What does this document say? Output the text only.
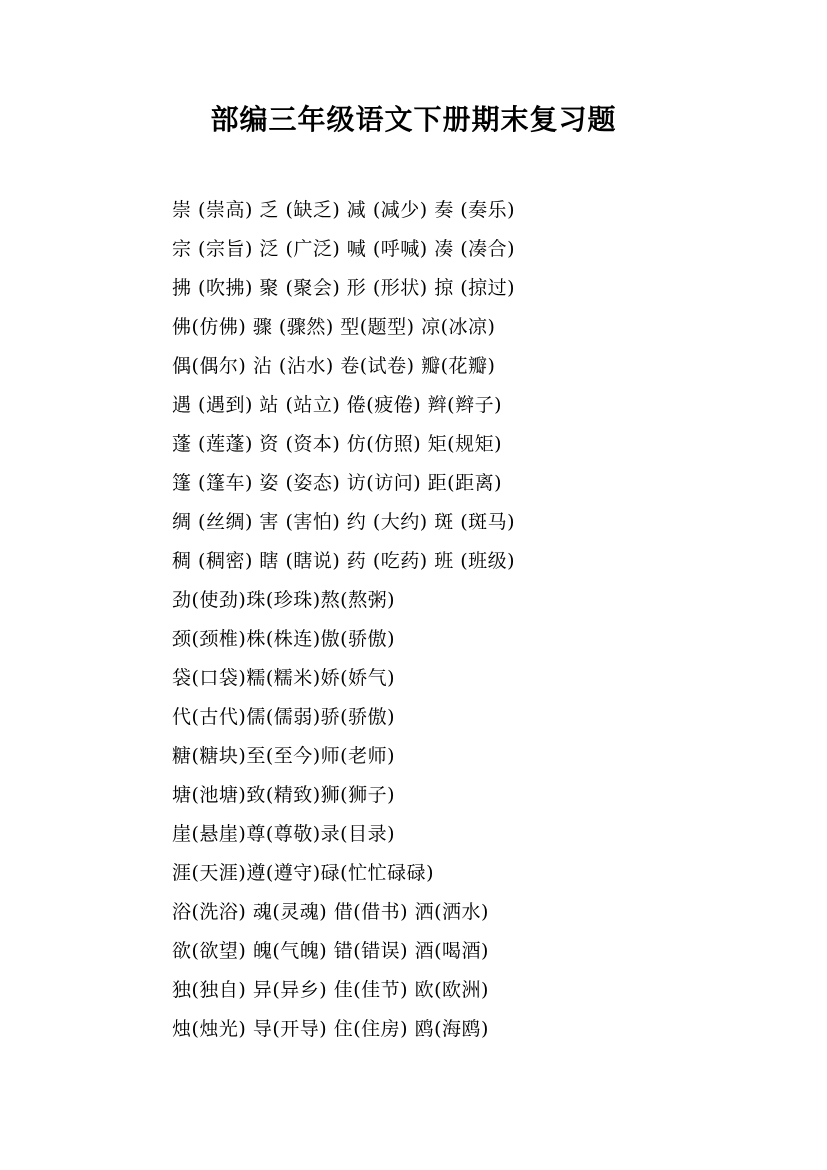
部编三年级语文下册期末复习题
崇 (崇高) 乏 (缺乏) 减 (减少) 奏 (奏乐)
宗 (宗旨) 泛 (广泛) 喊 (呼喊) 凑 (凑合)
拂 (吹拂) 聚 (聚会) 形 (形状) 掠 (掠过)
佛(仿佛) 骤 (骤然) 型(题型) 凉(冰凉)
偶(偶尔) 沾 (沾水) 卷(试卷) 瓣(花瓣)
遇 (遇到) 站 (站立) 倦(疲倦) 辫(辫子)
蓬 (莲蓬) 资 (资本) 仿(仿照) 矩(规矩)
篷 (篷车) 姿 (姿态) 访(访问) 距(距离)
绸 (丝绸) 害 (害怕) 约 (大约) 斑 (斑马)
稠 (稠密) 瞎 (瞎说) 药 (吃药) 班 (班级)
劲(使劲)珠(珍珠)熬(熬粥)
颈(颈椎)株(株连)傲(骄傲)
袋(口袋)糯(糯米)娇(娇气)
代(古代)儒(儒弱)骄(骄傲)
糖(糖块)至(至今)师(老师)
塘(池塘)致(精致)狮(狮子)
崖(悬崖)尊(尊敬)录(目录)
涯(天涯)遵(遵守)碌(忙忙碌碌)
浴(洗浴) 魂(灵魂) 借(借书) 洒(洒水)
欲(欲望) 魄(气魄) 错(错误) 酒(喝酒)
独(独自) 异(异乡) 佳(佳节) 欧(欧洲)
烛(烛光) 导(开导) 住(住房) 鸥(海鸥)
